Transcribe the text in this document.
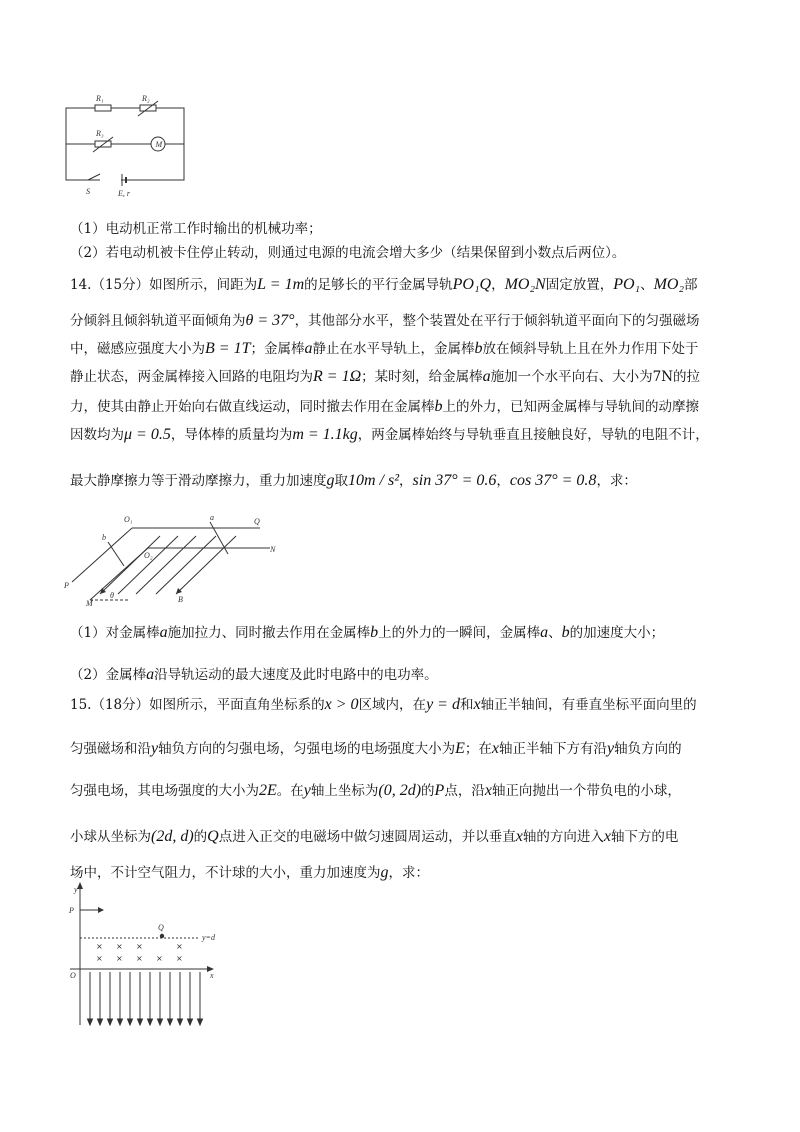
R₁	R₂
R₃
M
S	E, r
（1）电动机正常工作时输出的机械功率；
（2）若电动机被卡住停止转动，则通过电源的电流会增大多少（结果保留到小数点后两位）。
14.（15分）如图所示，间距为L = 1m的足够长的平行金属导轨PO₁Q，MO₂N固定放置，PO₁、MO₂部
分倾斜且倾斜轨道平面倾角为θ = 37°，其他部分水平，整个装置处在平行于倾斜轨道平面向下的匀强磁场
中，磁感应强度大小为B = 1T；金属棒a静止在水平导轨上，金属棒b放在倾斜导轨上且在外力作用下处于
静止状态，两金属棒接入回路的电阻均为R = 1Ω；某时刻，给金属棒a施加一个水平向右、大小为7N的拉
力，使其由静止开始向右做直线运动，同时撤去作用在金属棒b上的外力，已知两金属棒与导轨间的动摩擦
因数均为μ = 0.5，导体棒的质量均为m = 1.1kg，两金属棒始终与导轨垂直且接触良好，导轨的电阻不计，
最大静摩擦力等于滑动摩擦力，重力加速度g取10m / s²，sin 37° = 0.6，cos 37° = 0.8，求：
O₁	a	Q
b
O₂
N
P
M
θ	B
（1）对金属棒a施加拉力、同时撤去作用在金属棒b上的外力的一瞬间，金属棒a、b的加速度大小；
（2）金属棒a沿导轨运动的最大速度及此时电路中的电功率。
15.（18分）如图所示，平面直角坐标系的x > 0区域内，在y = d和x轴正半轴间，有垂直坐标平面向里的
匀强磁场和沿y轴负方向的匀强电场，匀强电场的电场强度大小为E；在x轴正半轴下方有沿y轴负方向的
匀强电场，其电场强度的大小为2E。在y轴上坐标为(0, 2d)的P点，沿x轴正向抛出一个带负电的小球，
小球从坐标为(2d, d)的Q点进入正交的电磁场中做匀速圆周运动，并以垂直x轴的方向进入x轴下方的电
场中，不计空气阻力，不计球的大小，重力加速度为g，求：
× × ×	×
× × × × ×
y
P
Q
y=d
O	x
